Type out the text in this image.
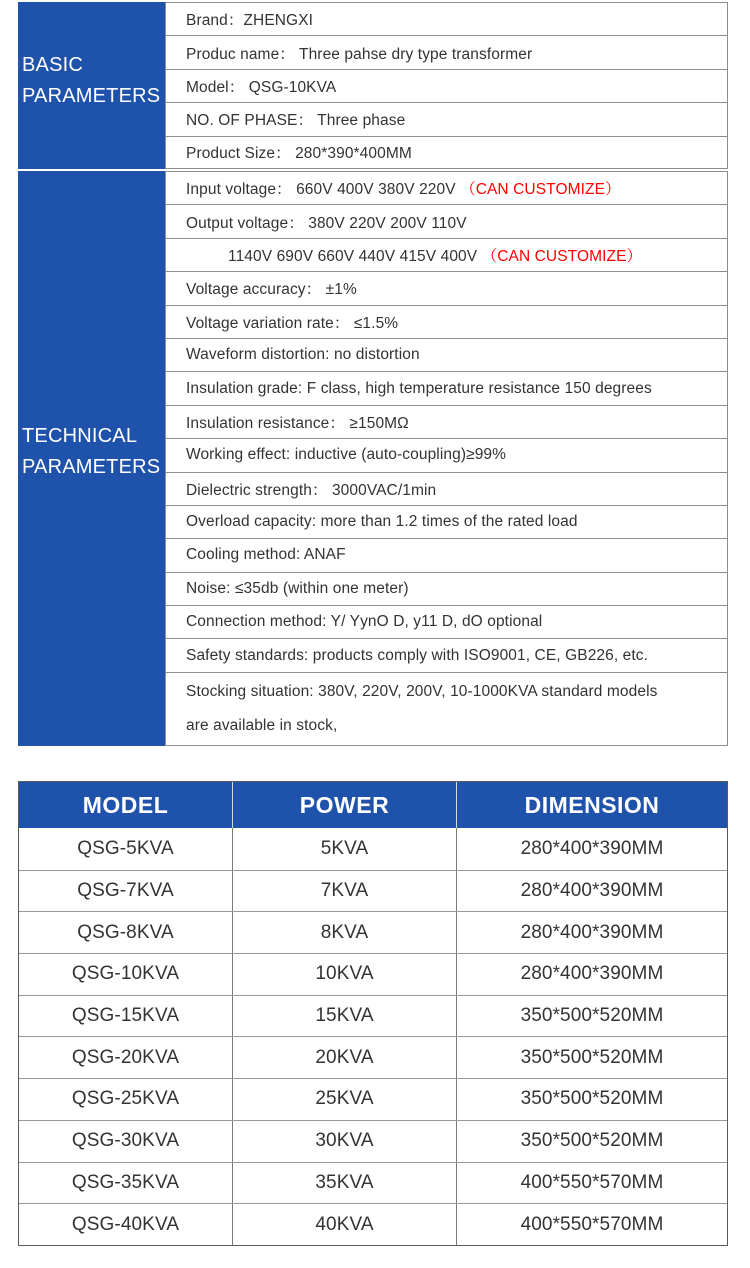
BASIC
PARAMETERS
Brand：ZHENGXI
Produc name： Three pahse dry type transformer
Model： QSG-10KVA
NO. OF PHASE： Three phase
Product Size： 280*390*400MM
TECHNICAL
PARAMETERS
Input voltage： 660V 400V 380V 220V （CAN CUSTOMIZE）
Output voltage： 380V 220V 200V 110V
1140V 690V 660V 440V 415V 400V （CAN CUSTOMIZE）
Voltage accuracy： ±1%
Voltage variation rate： ≤1.5%
Waveform distortion: no distortion
Insulation grade: F class, high temperature resistance 150 degrees
Insulation resistance： ≥150MΩ
Working effect: inductive (auto-coupling)≥99%
Dielectric strength： 3000VAC/1min
Overload capacity: more than 1.2 times of the rated load
Cooling method: ANAF
Noise: ≤35db (within one meter)
Connection method: Y/ YynO D, y11 D, dO optional
Safety standards: products comply with ISO9001, CE, GB226, etc.
Stocking situation: 380V, 220V, 200V, 10-1000KVA standard models
are available in stock,
MODEL	POWER	DIMENSION
QSG-5KVA	5KVA	280*400*390MM
QSG-7KVA	7KVA	280*400*390MM
QSG-8KVA	8KVA	280*400*390MM
QSG-10KVA	10KVA	280*400*390MM
QSG-15KVA	15KVA	350*500*520MM
QSG-20KVA	20KVA	350*500*520MM
QSG-25KVA	25KVA	350*500*520MM
QSG-30KVA	30KVA	350*500*520MM
QSG-35KVA	35KVA	400*550*570MM
QSG-40KVA	40KVA	400*550*570MM
